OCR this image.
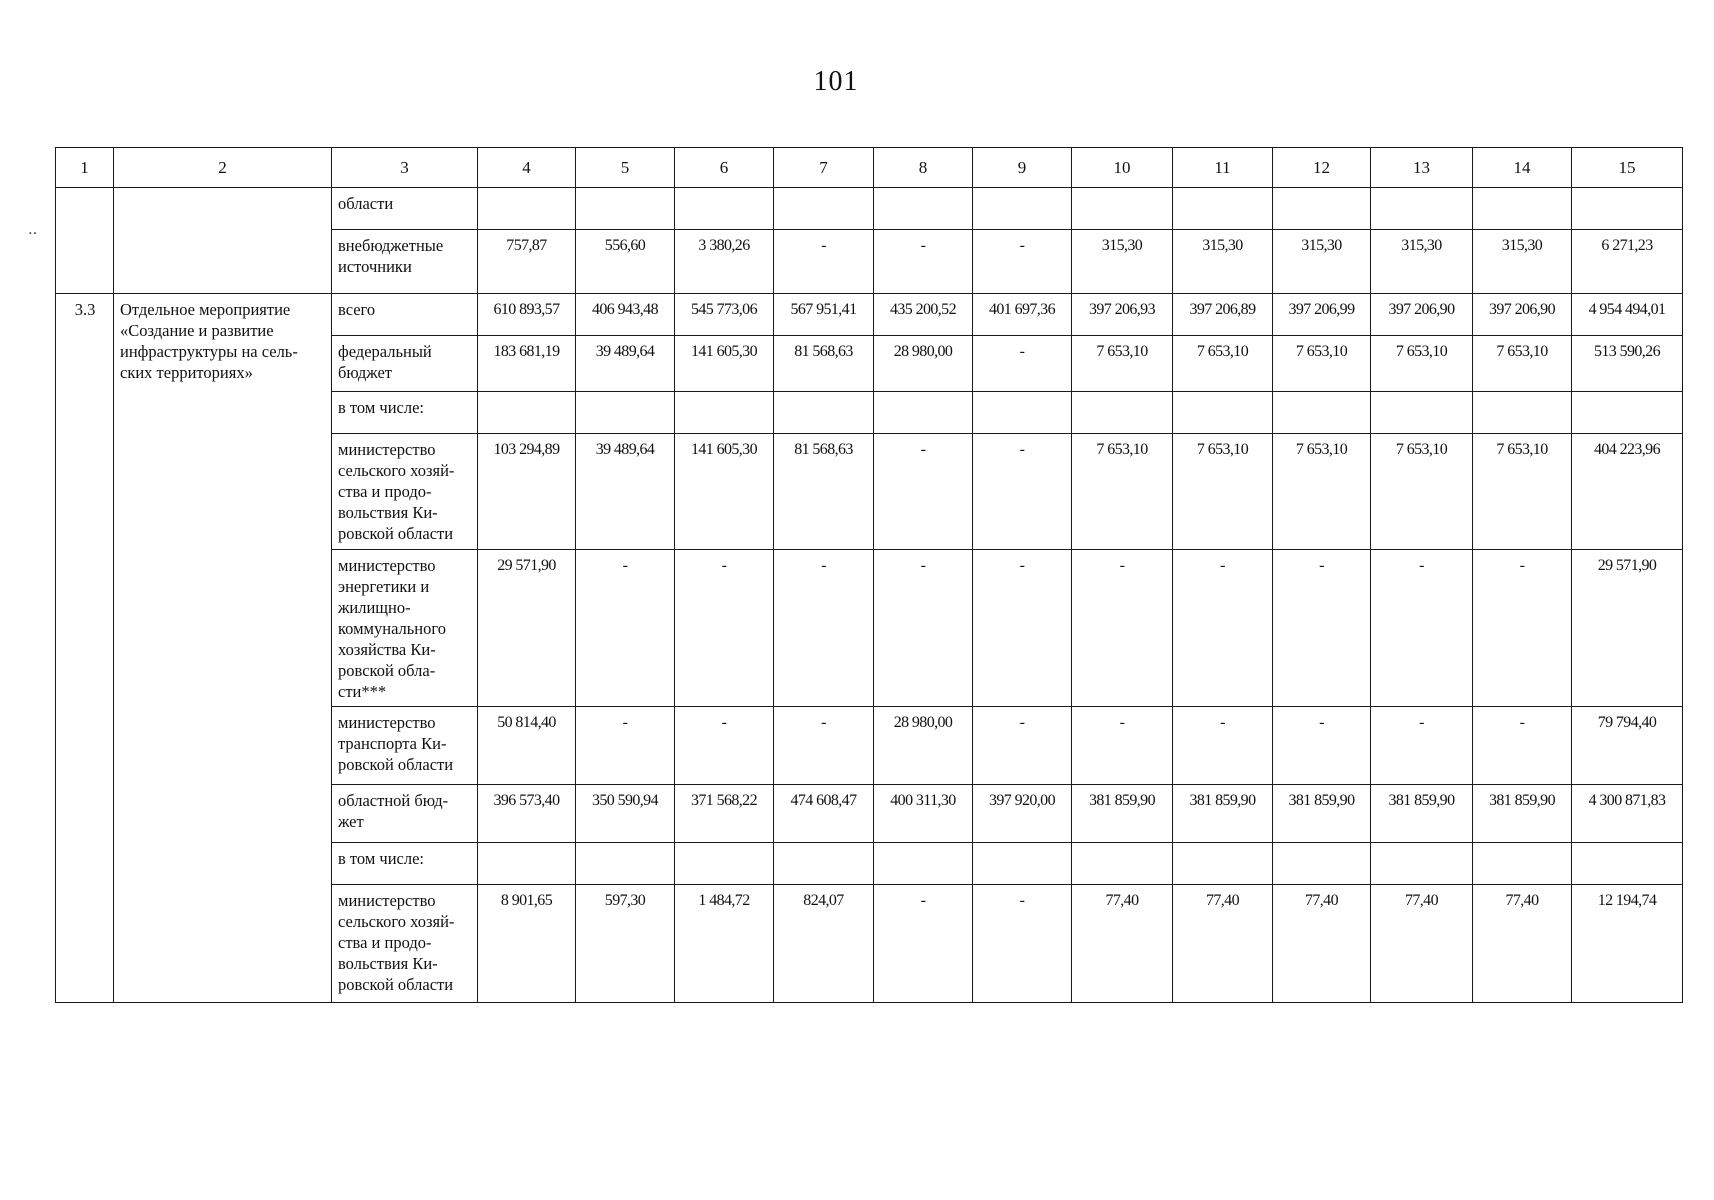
101
․․
1	2	3	4	5	6	7	8	9	10	11	12	13	14	15
		области												
		внебюджетные источники	757,87	556,60	3 380,26	-	-	-	315,30	315,30	315,30	315,30	315,30	6 271,23
3.3	Отдельное мероприятие «Создание и развитие инфраструктуры на сель-ских территориях»	всего	610 893,57	406 943,48	545 773,06	567 951,41	435 200,52	401 697,36	397 206,93	397 206,89	397 206,99	397 206,90	397 206,90	4 954 494,01
		федеральный бюджет	183 681,19	39 489,64	141 605,30	81 568,63	28 980,00	-	7 653,10	7 653,10	7 653,10	7 653,10	7 653,10	513 590,26
		в том числе:												
		министерство сельского хозяй-ства и продо-вольствия Ки-ровской области	103 294,89	39 489,64	141 605,30	81 568,63	-	-	7 653,10	7 653,10	7 653,10	7 653,10	7 653,10	404 223,96
		министерство энергетики и жилищно-коммунального хозяйства Ки-ровской обла-сти***	29 571,90	-	-	-	-	-	-	-	-	-	-	29 571,90
		министерство транспорта Ки-ровской области	50 814,40	-	-	-	28 980,00	-	-	-	-	-	-	79 794,40
		областной бюд-жет	396 573,40	350 590,94	371 568,22	474 608,47	400 311,30	397 920,00	381 859,90	381 859,90	381 859,90	381 859,90	381 859,90	4 300 871,83
		в том числе:												
		министерство сельского хозяй-ства и продо-вольствия Ки-ровской области	8 901,65	597,30	1 484,72	824,07	-	-	77,40	77,40	77,40	77,40	77,40	12 194,74
